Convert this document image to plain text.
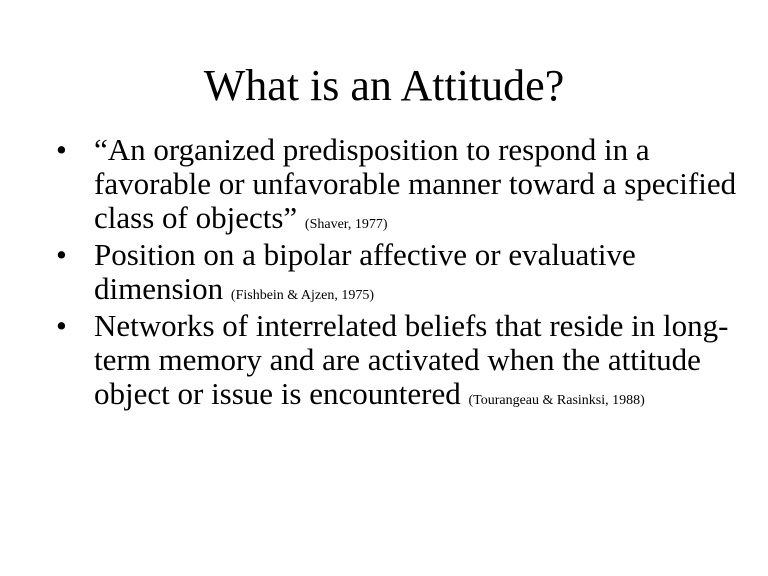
What is an Attitude?
• “An organized predisposition to respond in a favorable or unfavorable manner toward a specified class of objects” (Shaver, 1977)
• Position on a bipolar affective or evaluative dimension (Fishbein & Ajzen, 1975)
• Networks of interrelated beliefs that reside in long-term memory and are activated when the attitude object or issue is encountered (Tourangeau & Rasinksi, 1988)
